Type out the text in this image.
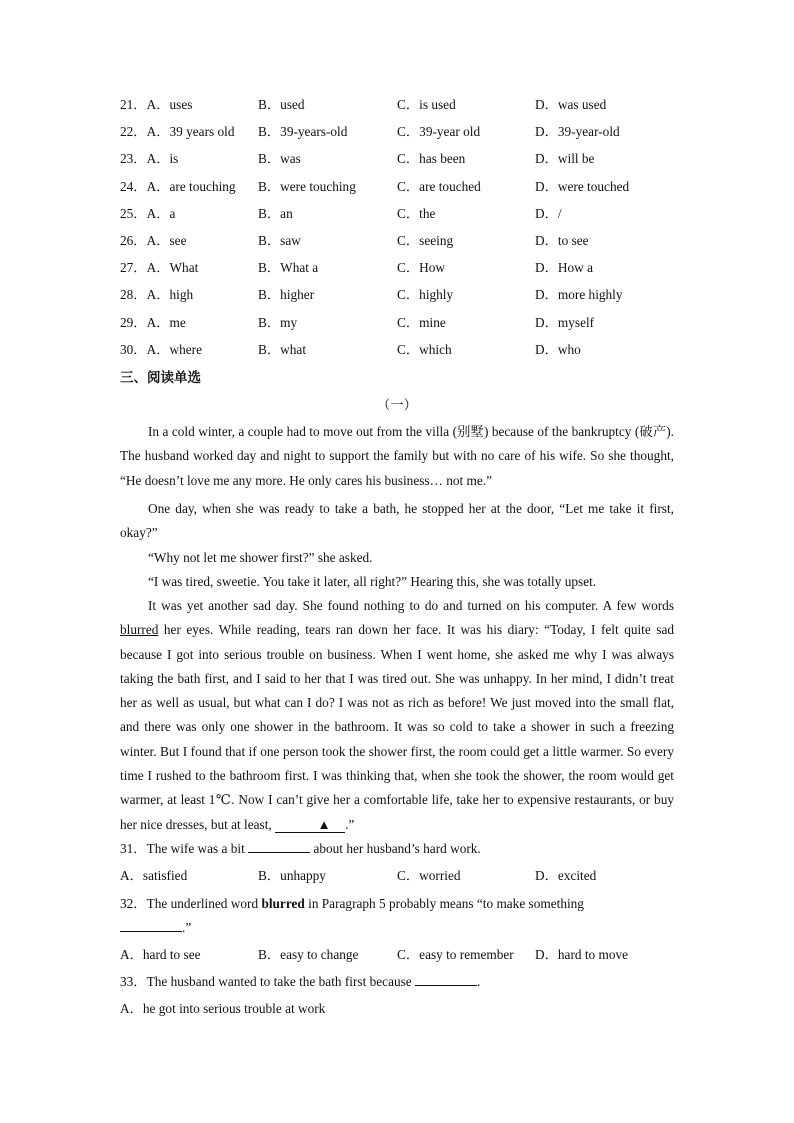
21．A．uses	B．used	C．is used	D．was used
22．A．39 years old B．39-years-old	C．39-year old	D．39-year-old
23．A．is	B．was	C．has been	D．will be
24．A．are touching B．were touching	C．are touched	D．were touched
25．A．a	B．an	C．the	D．/
26．A．see	B．saw	C．seeing	D．to see
27．A．What	B．What a	C．How	D．How a
28．A．high	B．higher	C．highly	D．more highly
29．A．me	B．my	C．mine	D．myself
30．A．where	B．what	C．which	D．who
三、阅读单选
（一）
In a cold winter, a couple had to move out from the villa (别墅) because of the bankruptcy (破产). The husband worked day and night to support the family but with no care of his wife. So she thought, “He doesn’t love me any more. He only cares his business… not me.”
One day, when she was ready to take a bath, he stopped her at the door, “Let me take it first, okay?”
“Why not let me shower first?” she asked.
“I was tired, sweetie. You take it later, all right?” Hearing this, she was totally upset.
It was yet another sad day. She found nothing to do and turned on his computer. A few words blurred her eyes. While reading, tears ran down her face. It was his diary: “Today, I felt quite sad because I got into serious trouble on business. When I went home, she asked me why I was always taking the bath first, and I said to her that I was tired out. She was unhappy. In her mind, I didn’t treat her as well as usual, but what can I do? I was not as rich as before! We just moved into the small flat, and there was only one shower in the bathroom. It was so cold to take a shower in such a freezing winter. But I found that if one person took the shower first, the room could get a little warmer. So every time I rushed to the bathroom first. I was thinking that, when she took the shower, the room would get warmer, at least 1℃. Now I can’t give her a comfortable life, take her to expensive restaurants, or buy her nice dresses, but at least,	▲ .”
31．The wife was a bit	about her husband’s hard work.
A．satisfied	B．unhappy	C．worried	D．excited
32．The underlined word blurred in Paragraph 5 probably means “to make something
.”
A．hard to see	B．easy to change	C．easy to remember D．hard to move
33．The husband wanted to take the bath first because	.
A．he got into serious trouble at work
